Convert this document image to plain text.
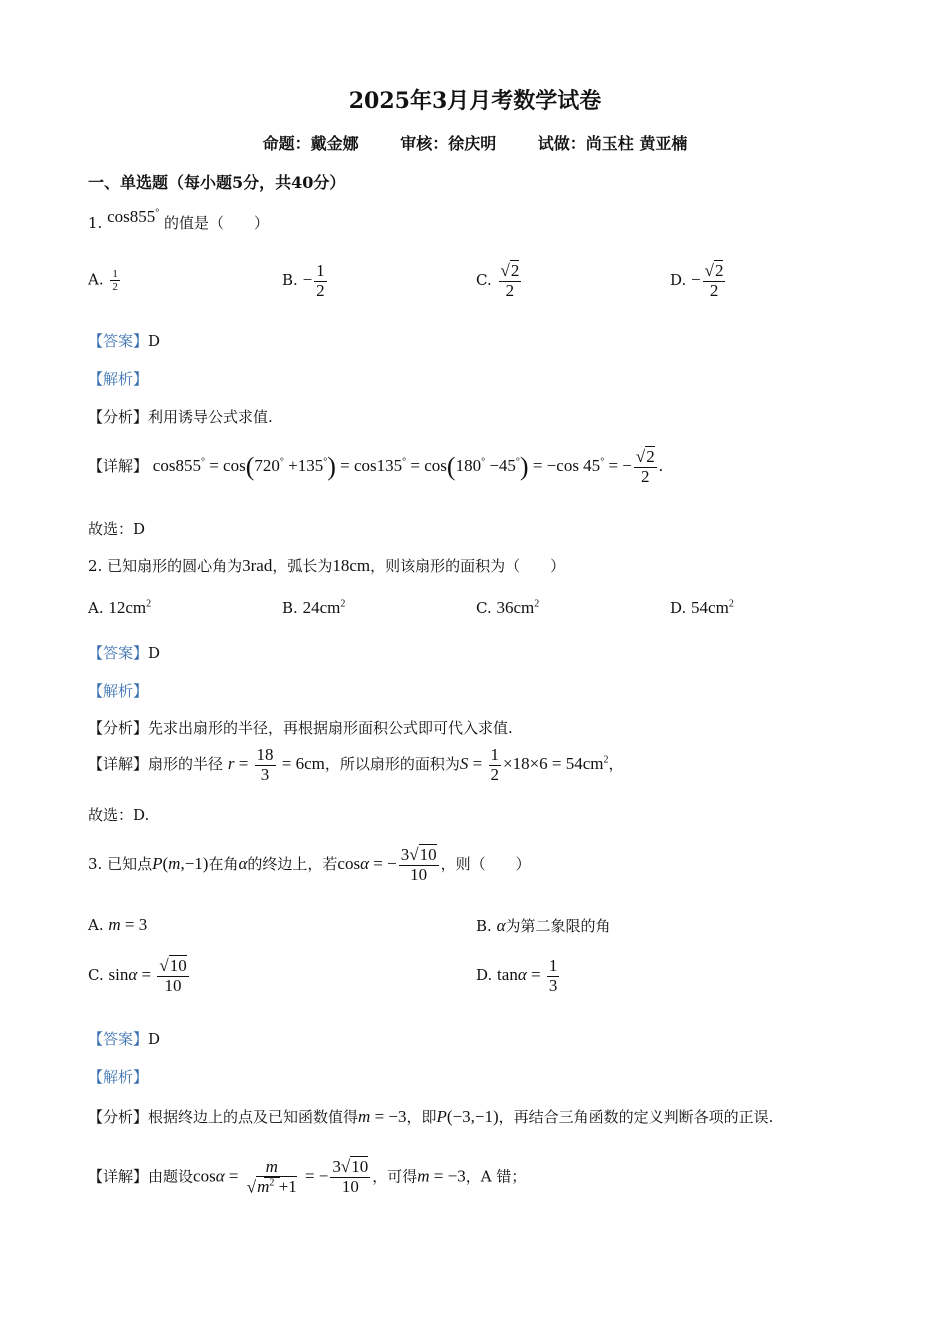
2025年3月月考数学试卷
命题：戴金娜	审核：徐庆明	试做：尚玉柱 黄亚楠
一、单选题（每小题5分，共40分）
1. cos855° 的值是（　　）
A. $\frac{1}{2}$	B. − $\frac{1}{2}$	C. $\frac{√2}{2}$	D. − $\frac{√2}{2}$
【答案】D
【解析】
【分析】利用诱导公式求值.
【详解】 cos855° = cos(720° +135°) = cos135° = cos(180° −45°) = −cos 45° = − $\frac{√2}{2}$ .
故选：D
2. 已知扇形的圆心角为3rad，弧长为18cm，则该扇形的面积为（　　）
A. $12cm^2$	B. $24cm^2$	C. $36cm^2$	D. $54cm^2$
【答案】D
【解析】
【分析】先求出扇形的半径，再根据扇形面积公式即可代入求值.
【详解】扇形的半径 $r = \frac{18}{3} = 6cm$，所以扇形的面积为$S = \frac{1}{2} \times 18\times 6 = 54cm^2$，
故选：D.
3. 已知点P(m,−1)在角α的终边上，若cosα = − $\frac{3√10}{10}$ ，则（　　）
A. m = 3	B. α为第二象限的角
C. $\sin\alpha = \frac{√10}{10}$	D. $\tan\alpha = \frac{1}{3}$
【答案】D
【解析】
【分析】根据终边上的点及已知函数值得m = −3，即P(−3,−1)，再结合三角函数的定义判断各项的正误.
【详解】由题设$\cos\alpha = \frac{m}{√m^2 +1}$ = − $\frac{3√10}{10}$ ，可得m = −3，A 错；
